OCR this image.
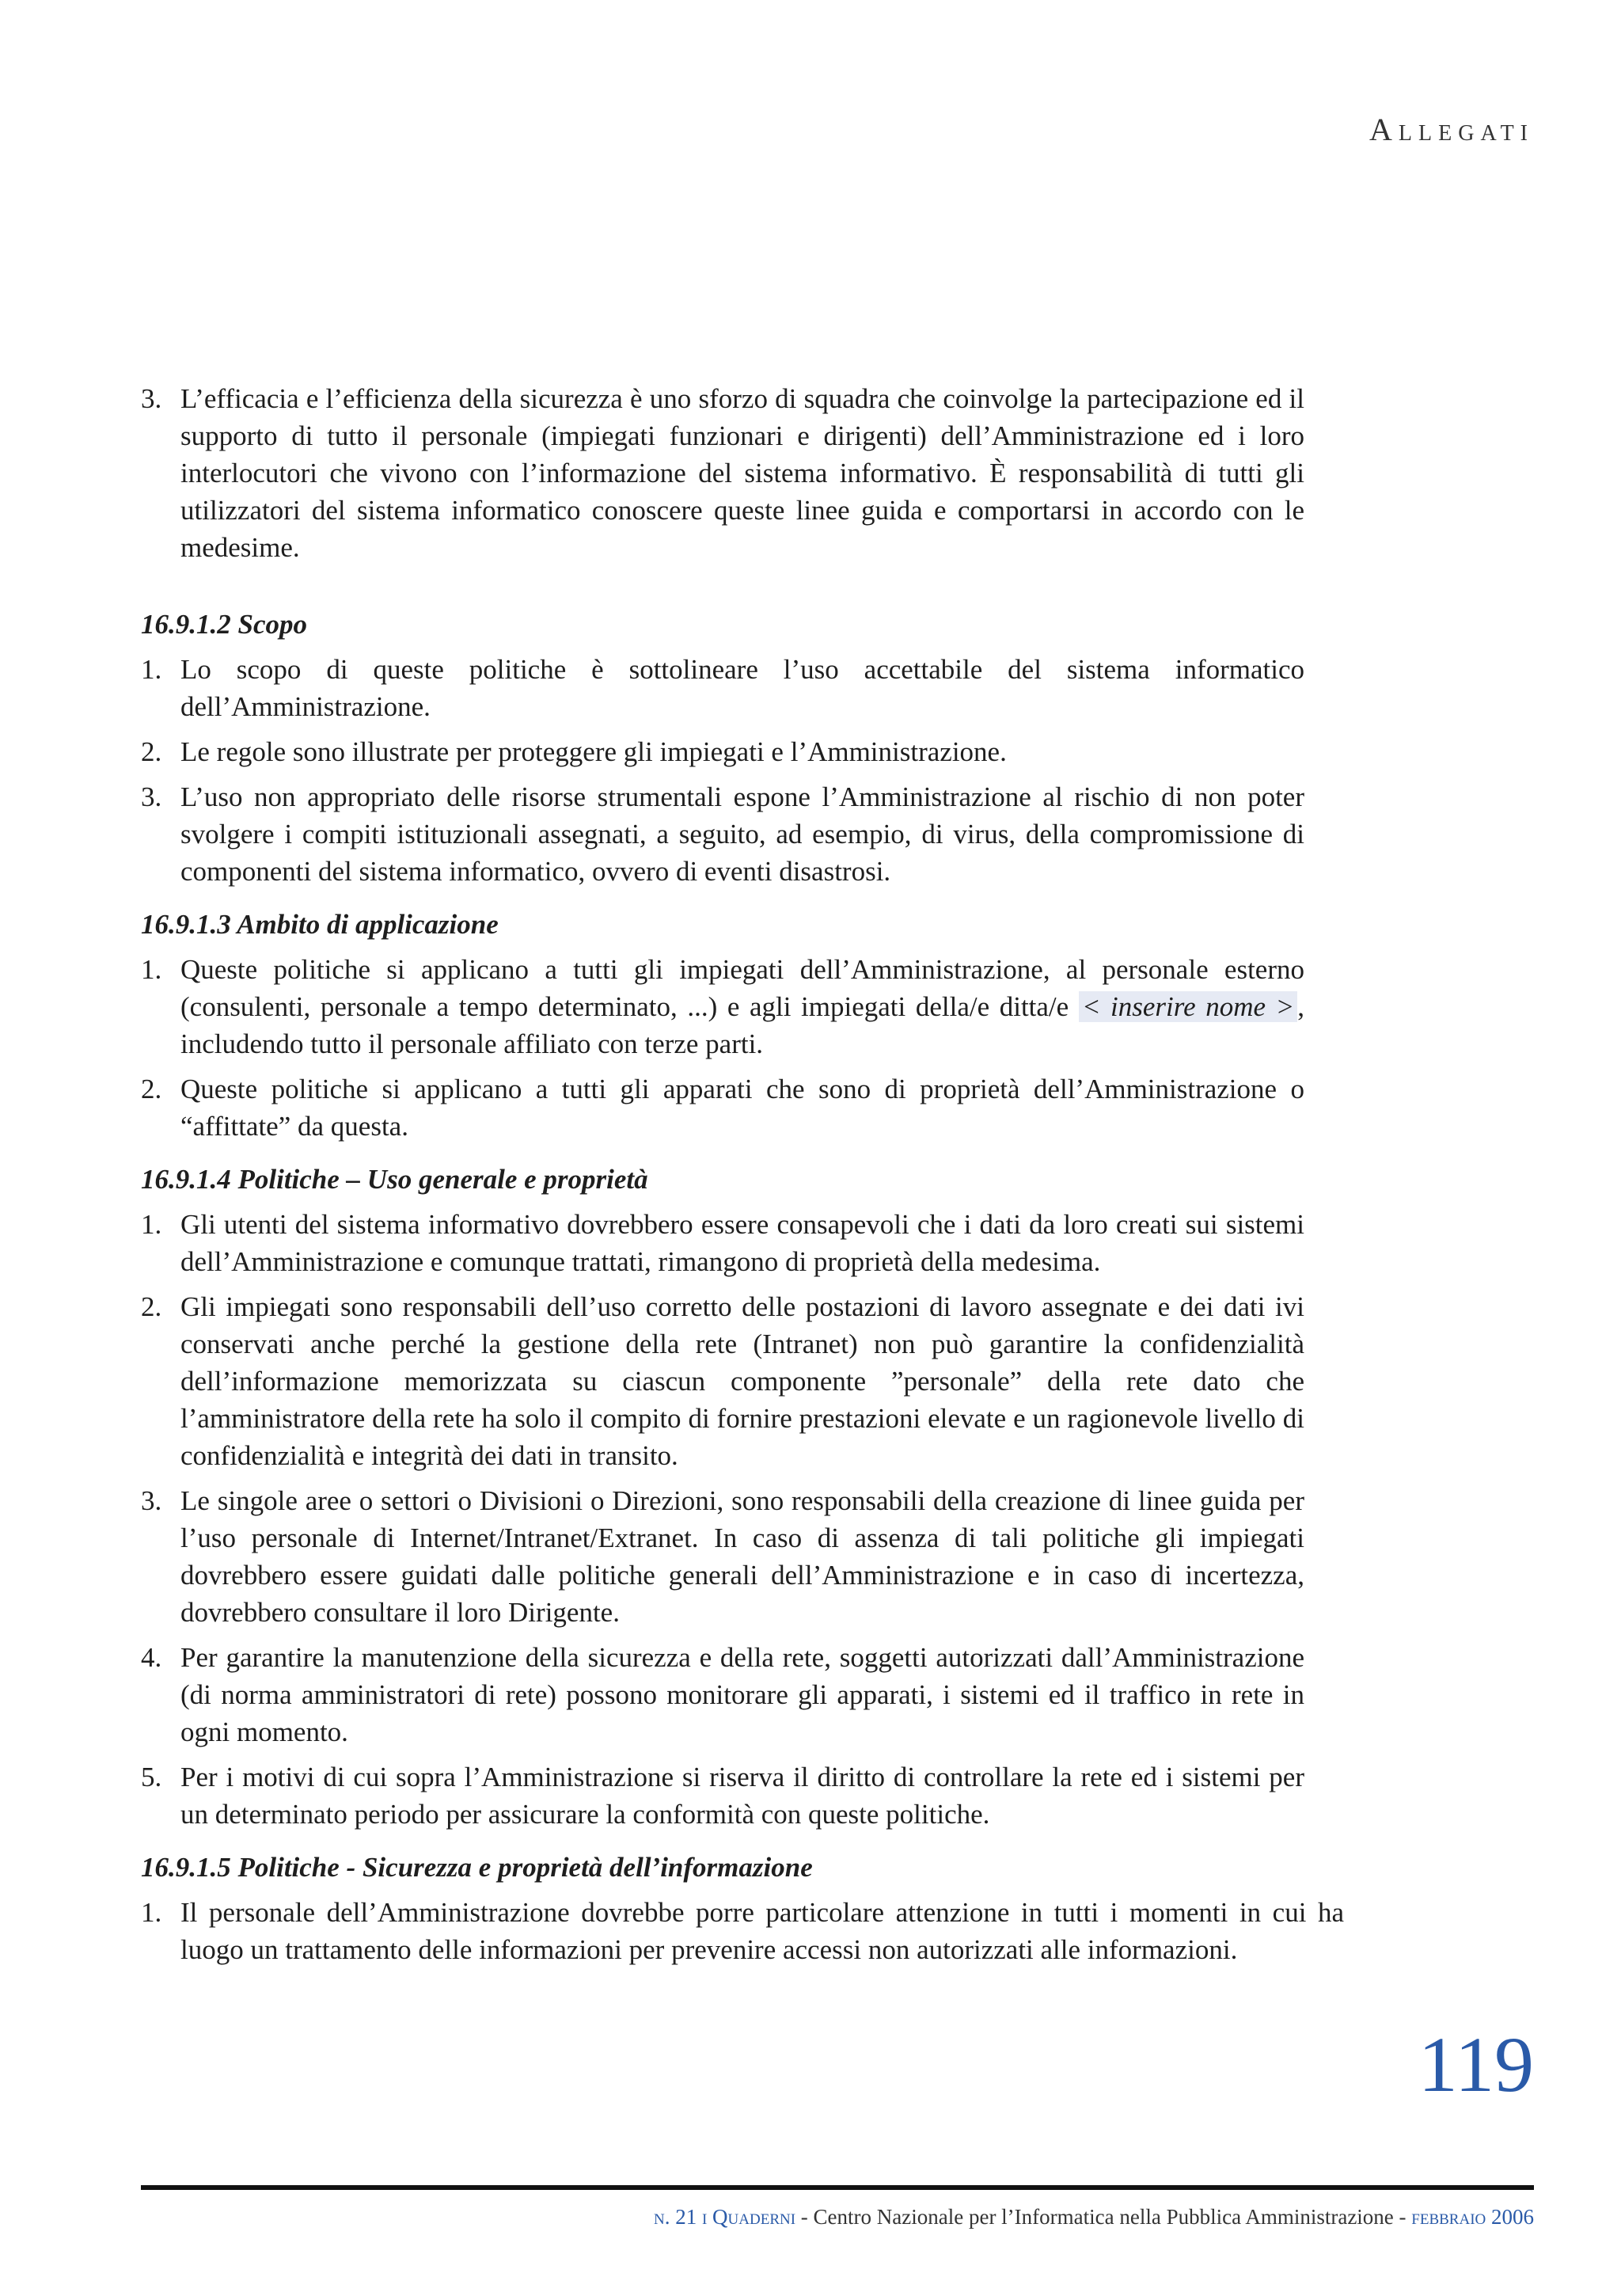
Allegati
3. L’efficacia e l’efficienza della sicurezza è uno sforzo di squadra che coinvolge la partecipazione ed il supporto di tutto il personale (impiegati funzionari e dirigenti) dell’Amministrazione ed i loro interlocutori che vivono con l’informazione del sistema informativo. È responsabilità di tutti gli utilizzatori del sistema informatico conoscere queste linee guida e comportarsi in accordo con le medesime.
16.9.1.2 Scopo
1. Lo scopo di queste politiche è sottolineare l’uso accettabile del sistema informatico dell’Amministrazione.
2. Le regole sono illustrate per proteggere gli impiegati e l’Amministrazione.
3. L’uso non appropriato delle risorse strumentali espone l’Amministrazione al rischio di non poter svolgere i compiti istituzionali assegnati, a seguito, ad esempio, di virus, della compromissione di componenti del sistema informatico, ovvero di eventi disastrosi.
16.9.1.3 Ambito di applicazione
1. Queste politiche si applicano a tutti gli impiegati dell’Amministrazione, al personale esterno (consulenti, personale a tempo determinato, ...) e agli impiegati della/e ditta/e < inserire nome > , includendo tutto il personale affiliato con terze parti.
2. Queste politiche si applicano a tutti gli apparati che sono di proprietà dell’Amministrazione o “affittate” da questa.
16.9.1.4 Politiche – Uso generale e proprietà
1. Gli utenti del sistema informativo dovrebbero essere consapevoli che i dati da loro creati sui sistemi dell’Amministrazione e comunque trattati, rimangono di proprietà della medesima.
2. Gli impiegati sono responsabili dell’uso corretto delle postazioni di lavoro assegnate e dei dati ivi conservati anche perché la gestione della rete (Intranet) non può garantire la confidenzialità dell’informazione memorizzata su ciascun componente ”personale” della rete dato che l’amministratore della rete ha solo il compito di fornire prestazioni elevate e un ragionevole livello di confidenzialità e integrità dei dati in transito.
3. Le singole aree o settori o Divisioni o Direzioni, sono responsabili della creazione di linee guida per l’uso personale di Internet/Intranet/Extranet. In caso di assenza di tali politiche gli impiegati dovrebbero essere guidati dalle politiche generali dell’Amministrazione e in caso di incertezza, dovrebbero consultare il loro Dirigente.
4. Per garantire la manutenzione della sicurezza e della rete, soggetti autorizzati dall’Amministrazione (di norma amministratori di rete) possono monitorare gli apparati, i sistemi ed il traffico in rete in ogni momento.
5. Per i motivi di cui sopra l’Amministrazione si riserva il diritto di controllare la rete ed i sistemi per un determinato periodo per assicurare la conformità con queste politiche.
16.9.1.5 Politiche - Sicurezza e proprietà dell’informazione
1. Il personale dell’Amministrazione dovrebbe porre particolare attenzione in tutti i momenti in cui ha luogo un trattamento delle informazioni per prevenire accessi non autorizzati alle informazioni.
119
n. 21 i Quaderni - Centro Nazionale per l’Informatica nella Pubblica Amministrazione - febbraio 2006
